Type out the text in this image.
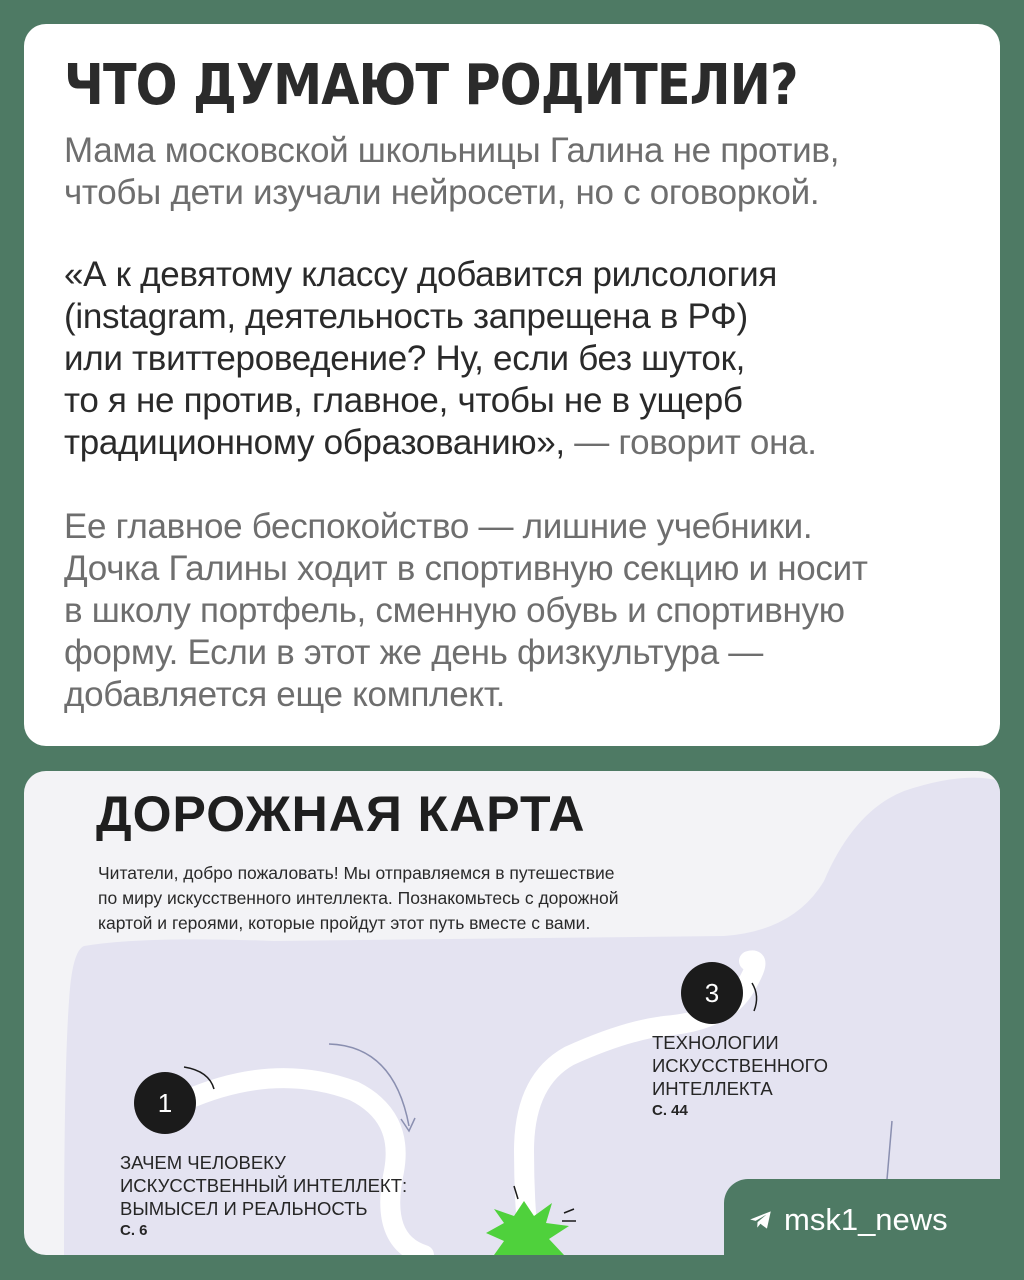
ЧТО ДУМАЮТ РОДИТЕЛИ?

Мама московской школьницы Галина не против,
чтобы дети изучали нейросети, но с оговоркой.

«А к девятому классу добавится рилсология
(instagram, деятельность запрещена в РФ)
или твиттероведение? Ну, если без шуток,
то я не против, главное, чтобы не в ущерб
традиционному образованию», — говорит она.

Ее главное беспокойство — лишние учебники.
Дочка Галины ходит в спортивную секцию и носит
в школу портфель, сменную обувь и спортивную
форму. Если в этот же день физкультура —
добавляется еще комплект.

ДОРОЖНАЯ КАРТА

Читатели, добро пожаловать! Мы отправляемся в путешествие
по миру искусственного интеллекта. Познакомьтесь с дорожной
картой и героями, которые пройдут этот путь вместе с вами.

1

ЗАЧЕМ ЧЕЛОВЕКУ
ИСКУССТВЕННЫЙ ИНТЕЛЛЕКТ:
ВЫМЫСЕЛ И РЕАЛЬНОСТЬ
С. 6

3

ТЕХНОЛОГИИ
ИСКУССТВЕННОГО
ИНТЕЛЛЕКТА
С. 44

msk1_news
